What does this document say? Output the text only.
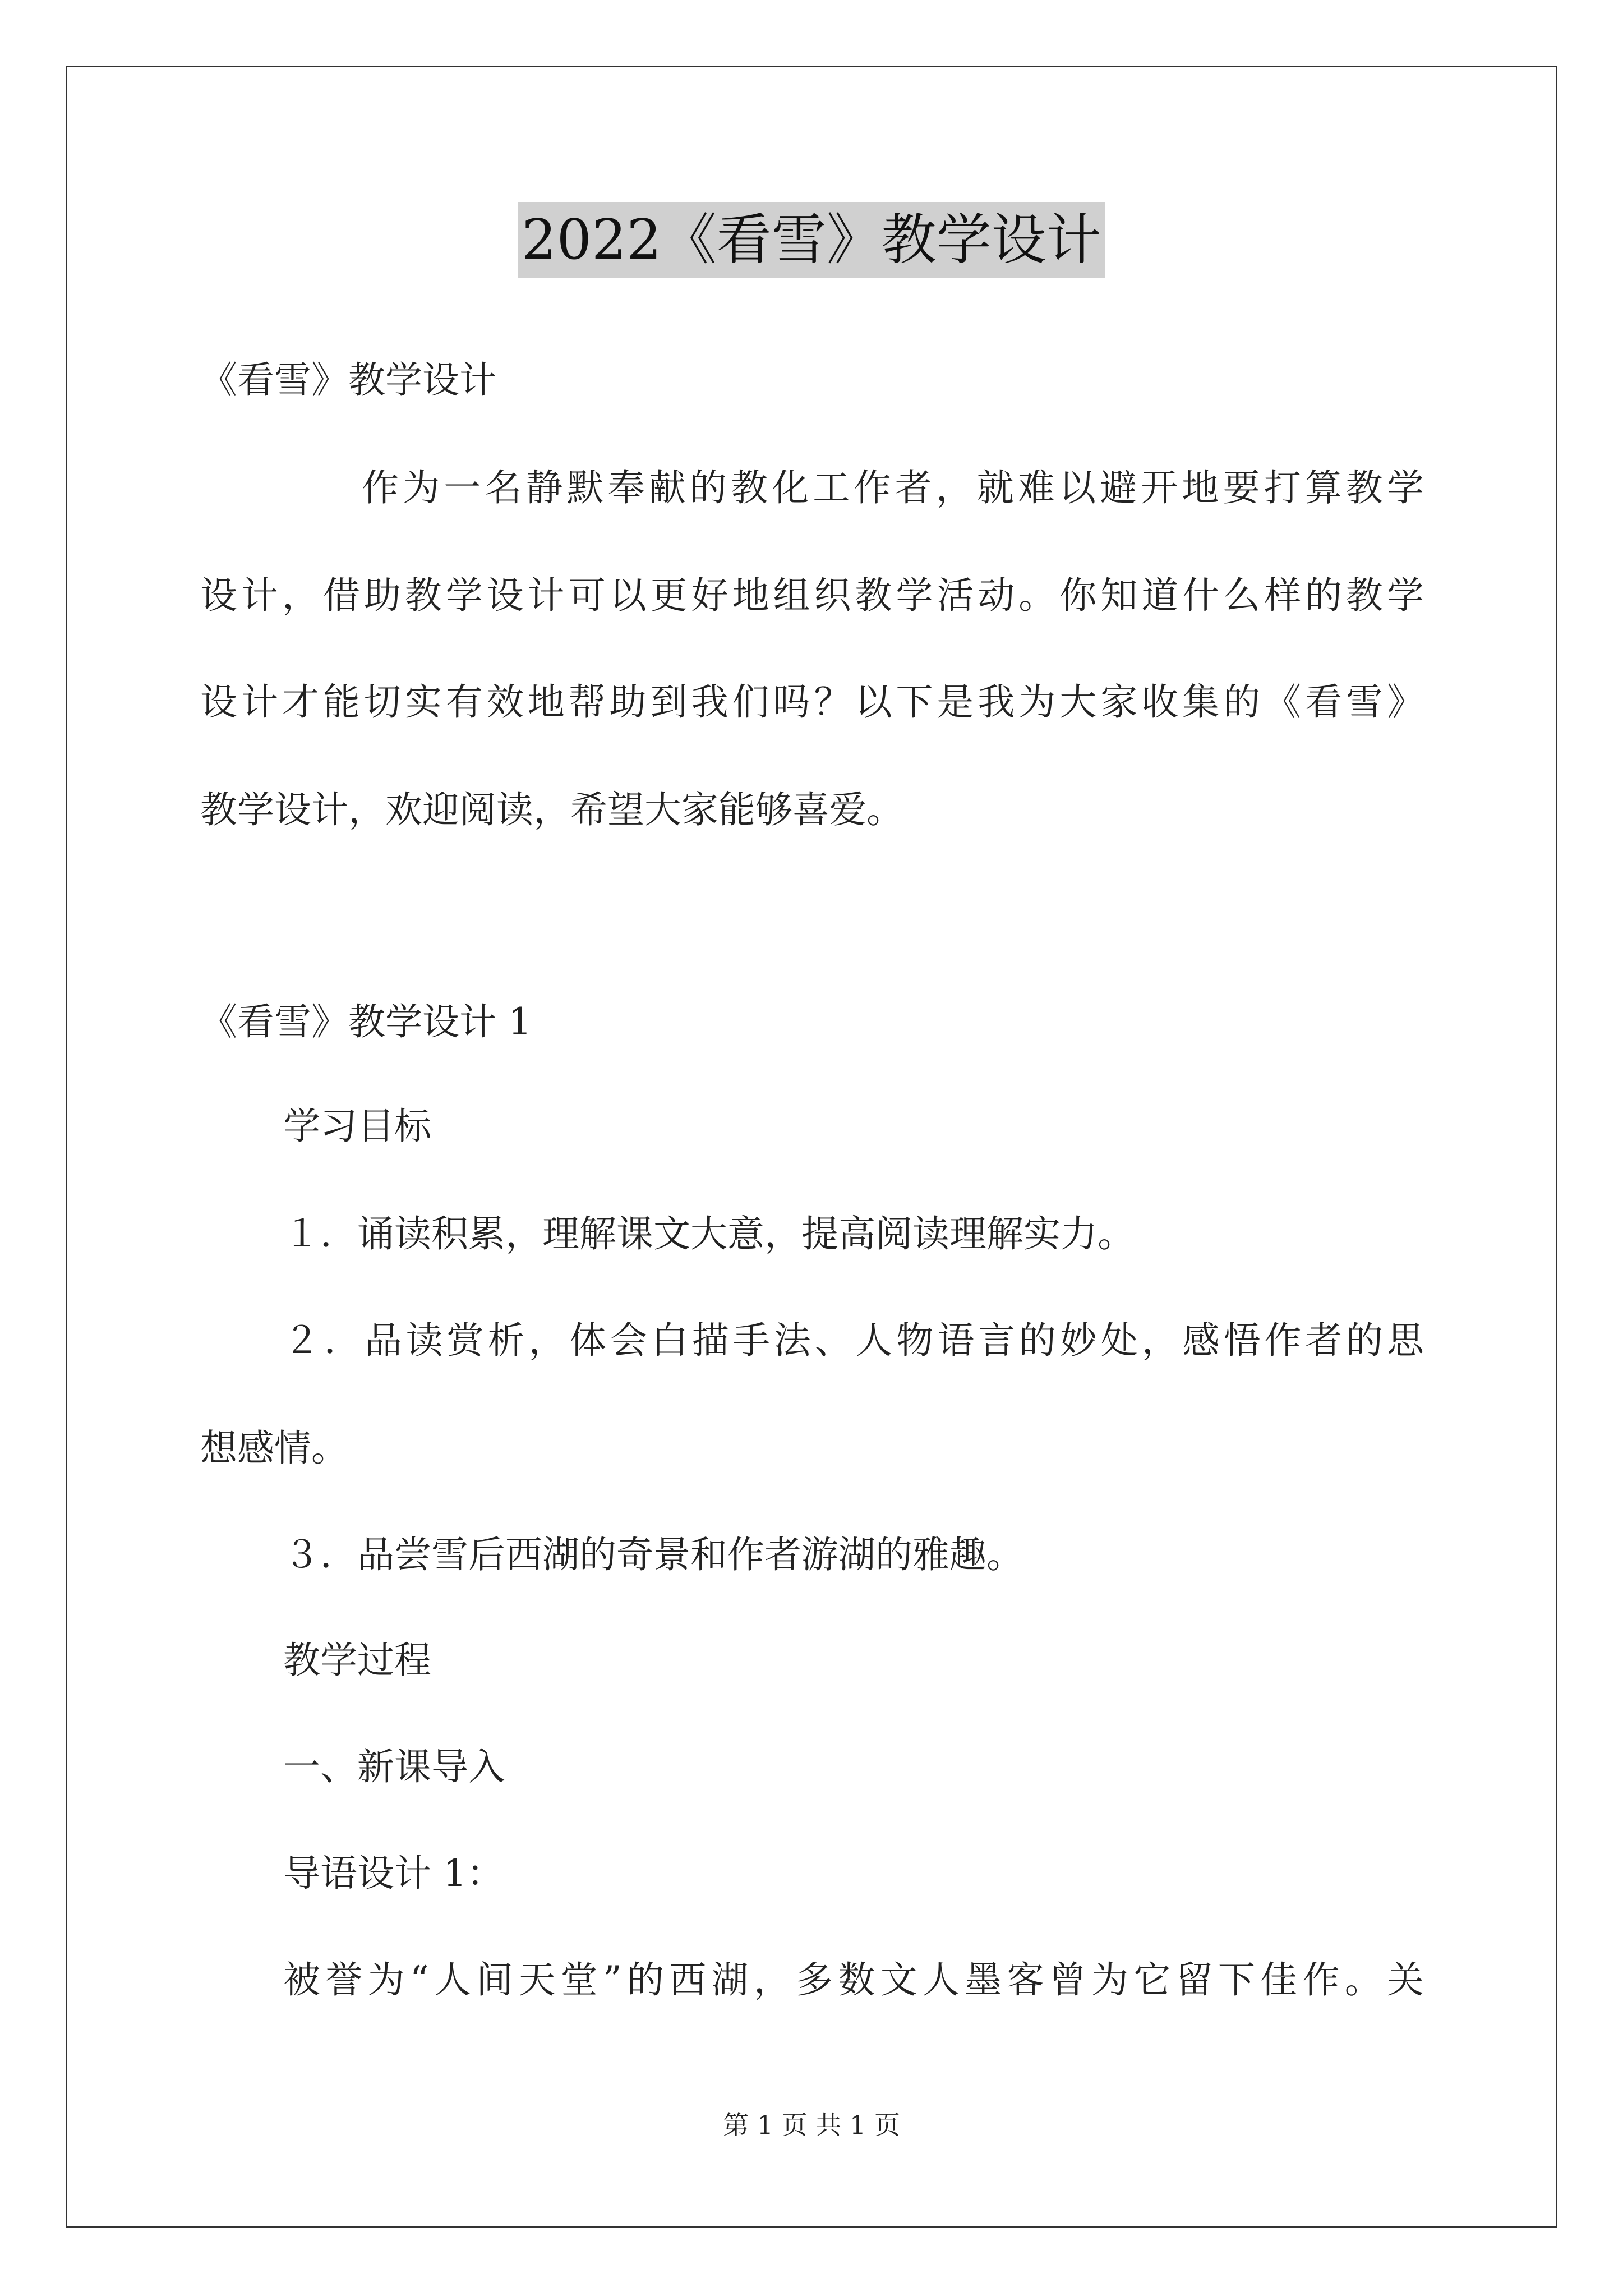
2022《看雪》教学设计
《看雪》教学设计
作为一名静默奉献的教化工作者，就难以避开地要打算教学
设计，借助教学设计可以更好地组织教学活动。你知道什么样的教学
设计才能切实有效地帮助到我们吗？以下是我为大家收集的《看雪》
教学设计，欢迎阅读，希望大家能够喜爱。
《看雪》教学设计 1
学习目标
１．诵读积累，理解课文大意，提高阅读理解实力。
２．品读赏析，体会白描手法、人物语言的妙处，感悟作者的思
想感情。
３．品尝雪后西湖的奇景和作者游湖的雅趣。
教学过程
一、新课导入
导语设计 1：
被誉为“人间天堂”的西湖，多数文人墨客曾为它留下佳作。关
第 1 页 共 1 页
